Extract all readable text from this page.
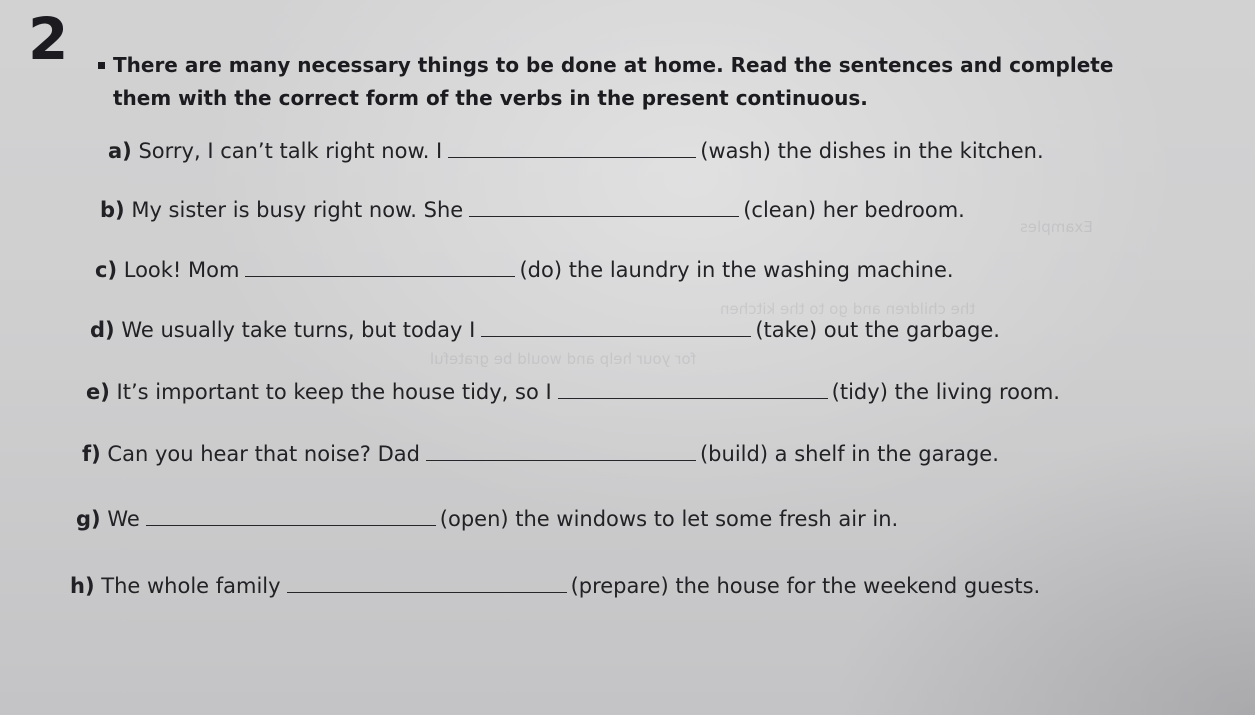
Examples
the children and go to the kitchen
for your help and would be grateful
2 There are many necessary things to be done at home. Read the sentences and complete
them with the correct form of the verbs in the present continuous.
a) Sorry, I can’t talk right now. I	(wash) the dishes in the kitchen.
b) My sister is busy right now. She	(clean) her bedroom.
c) Look! Mom	(do) the laundry in the washing machine.
d) We usually take turns, but today I	(take) out the garbage.
e) It’s important to keep the house tidy, so I	(tidy) the living room.
f) Can you hear that noise? Dad	(build) a shelf in the garage.
g) We	(open) the windows to let some fresh air in.
h) The whole family	(prepare) the house for the weekend guests.
